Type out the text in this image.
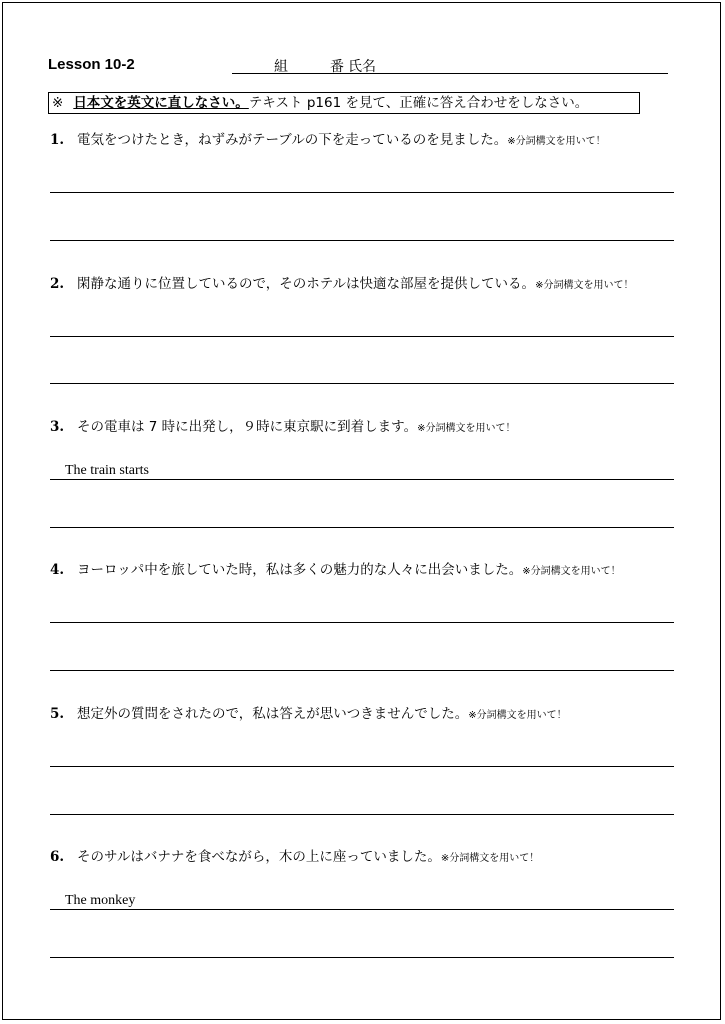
Lesson 10-2	組	番 氏名
※ 日本文を英文に直しなさい。テキスト p161 を見て、正確に答え合わせをしなさい。
1. 電気をつけたとき，ねずみがテーブルの下を走っているのを見ました。※分詞構文を用いて！
2. 閑静な通りに位置しているので，そのホテルは快適な部屋を提供している。※分詞構文を用いて！
3. その電車は 7 時に出発し，９時に東京駅に到着します。※分詞構文を用いて！
The train starts
4. ヨーロッパ中を旅していた時，私は多くの魅力的な人々に出会いました。※分詞構文を用いて！
5. 想定外の質問をされたので，私は答えが思いつきませんでした。※分詞構文を用いて！
6. そのサルはバナナを食べながら，木の上に座っていました。※分詞構文を用いて！
The monkey
